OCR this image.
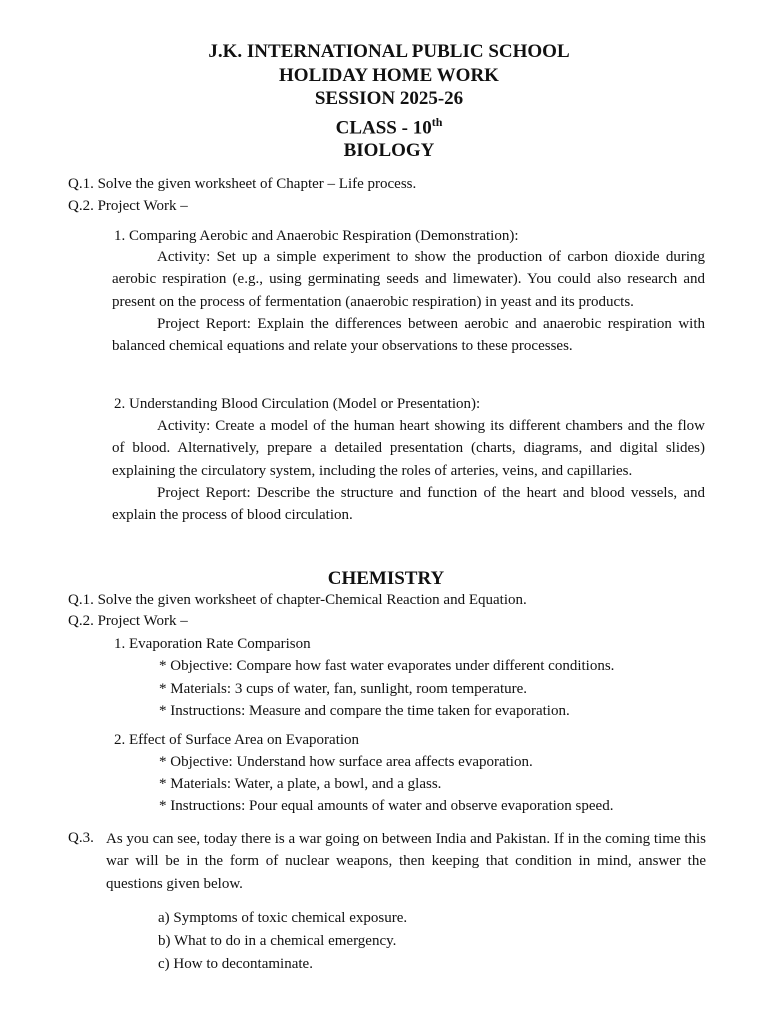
J.K. INTERNATIONAL PUBLIC SCHOOL
HOLIDAY HOME WORK
SESSION 2025-26
CLASS - 10th
BIOLOGY
Q.1. Solve the given worksheet of Chapter – Life process.
Q.2. Project Work –
1. Comparing Aerobic and Anaerobic Respiration (Demonstration):

Activity: Set up a simple experiment to show the production of carbon dioxide during aerobic respiration (e.g., using germinating seeds and limewater). You could also research and present on the process of fermentation (anaerobic respiration) in yeast and its products.

Project Report: Explain the differences between aerobic and anaerobic respiration with balanced chemical equations and relate your observations to these processes.

2. Understanding Blood Circulation (Model or Presentation):

Activity: Create a model of the human heart showing its different chambers and the flow of blood. Alternatively, prepare a detailed presentation (charts, diagrams, and digital slides) explaining the circulatory system, including the roles of arteries, veins, and capillaries.

Project Report: Describe the structure and function of the heart and blood vessels, and explain the process of blood circulation.

CHEMISTRY
Q.1. Solve the given worksheet of chapter-Chemical Reaction and Equation.
Q.2. Project Work –
1. Evaporation Rate Comparison
* Objective: Compare how fast water evaporates under different conditions.
* Materials: 3 cups of water, fan, sunlight, room temperature.
* Instructions: Measure and compare the time taken for evaporation.
2. Effect of Surface Area on Evaporation
* Objective: Understand how surface area affects evaporation.
* Materials: Water, a plate, a bowl, and a glass.
* Instructions: Pour equal amounts of water and observe evaporation speed.
Q.3. As you can see, today there is a war going on between India and Pakistan. If in the coming time this war will be in the form of nuclear weapons, then keeping that condition in mind, answer the questions given below.

a) Symptoms of toxic chemical exposure.
b) What to do in a chemical emergency.
c) How to decontaminate.
